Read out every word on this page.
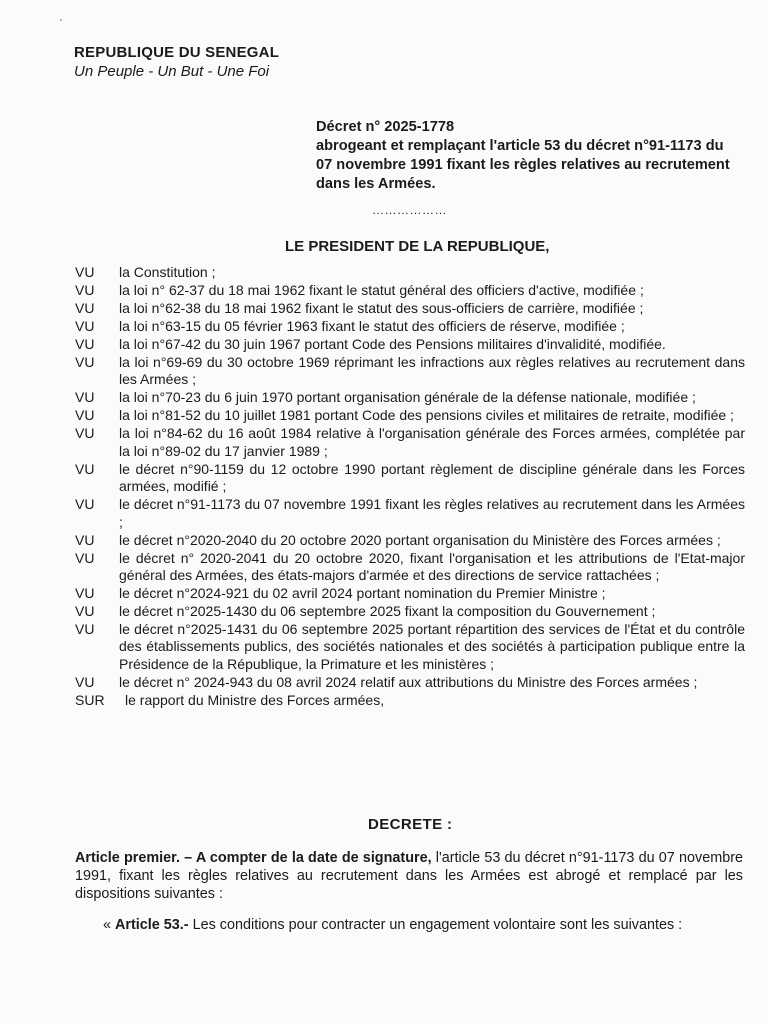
'
REPUBLIQUE DU SENEGAL
Un Peuple - Un But - Une Foi
Décret n° 2025-1778
abrogeant et remplaçant l'article 53 du décret n°91-1173 du 07 novembre 1991 fixant les règles relatives au recrutement dans les Armées.
………………
LE PRESIDENT DE LA REPUBLIQUE,
VU	la Constitution ;
VU	la loi n° 62-37 du 18 mai 1962 fixant le statut général des officiers d'active, modifiée ;
VU	la loi n°62-38 du 18 mai 1962 fixant le statut des sous-officiers de carrière, modifiée ;
VU	la loi n°63-15 du 05 février 1963 fixant le statut des officiers de réserve, modifiée ;
VU	la loi n°67-42 du 30 juin 1967 portant Code des Pensions militaires d'invalidité, modifiée.
VU	la loi n°69-69 du 30 octobre 1969 réprimant les infractions aux règles relatives au recrutement dans les Armées ;
VU	la loi n°70-23 du 6 juin 1970 portant organisation générale de la défense nationale, modifiée ;
VU	la loi n°81-52 du 10 juillet 1981 portant Code des pensions civiles et militaires de retraite, modifiée ;
VU	la loi n°84-62 du 16 août 1984 relative à l'organisation générale des Forces armées, complétée par la loi n°89-02 du 17 janvier 1989 ;
VU	le décret n°90-1159 du 12 octobre 1990 portant règlement de discipline générale dans les Forces armées, modifié ;
VU	le décret n°91-1173 du 07 novembre 1991 fixant les règles relatives au recrutement dans les Armées ;
VU	le décret n°2020-2040 du 20 octobre 2020 portant organisation du Ministère des Forces armées ;
VU	le décret n° 2020-2041 du 20 octobre 2020, fixant l'organisation et les attributions de l'Etat-major général des Armées, des états-majors d'armée et des directions de service rattachées ;
VU	le décret n°2024-921 du 02 avril 2024 portant nomination du Premier Ministre ;
VU	le décret n°2025-1430 du 06 septembre 2025 fixant la composition du Gouvernement ;
VU	le décret n°2025-1431 du 06 septembre 2025 portant répartition des services de l'État et du contrôle des établissements publics, des sociétés nationales et des sociétés à participation publique entre la Présidence de la République, la Primature et les ministères ;
VU	le décret n° 2024-943 du 08 avril 2024 relatif aux attributions du Ministre des Forces armées ;
SUR	le rapport du Ministre des Forces armées,
DECRETE :
Article premier. – A compter de la date de signature, l'article 53 du décret n°91-1173 du 07 novembre 1991, fixant les règles relatives au recrutement dans les Armées est abrogé et remplacé par les dispositions suivantes :
« Article 53.- Les conditions pour contracter un engagement volontaire sont les suivantes :
